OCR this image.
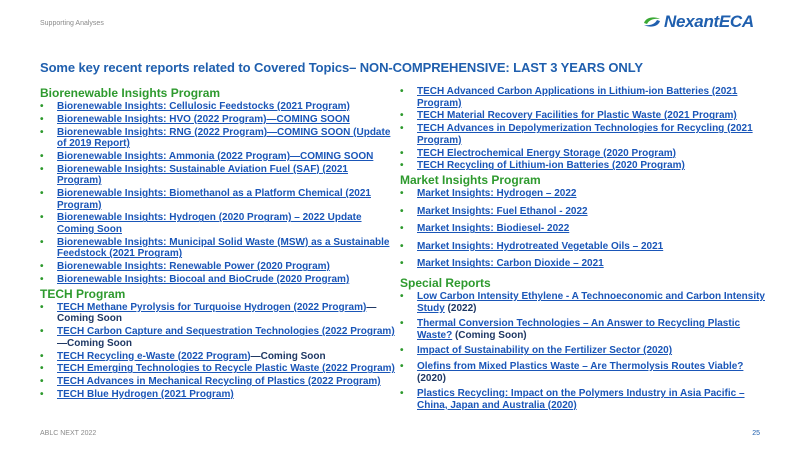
Supporting Analyses	NexantECA
Some key recent reports related to Covered Topics– NON-COMPREHENSIVE: LAST 3 YEARS ONLY
Biorenewable Insights Program
• Biorenewable Insights: Cellulosic Feedstocks (2021 Program)
• Biorenewable Insights: HVO (2022 Program)—COMING SOON
• Biorenewable Insights: RNG (2022 Program)—COMING SOON (Update of 2019 Report)
• Biorenewable Insights: Ammonia (2022 Program)—COMING SOON
• Biorenewable Insights: Sustainable Aviation Fuel (SAF) (2021 Program)
• Biorenewable Insights: Biomethanol as a Platform Chemical (2021 Program)
• Biorenewable Insights: Hydrogen (2020 Program) – 2022 Update Coming Soon
• Biorenewable Insights: Municipal Solid Waste (MSW) as a Sustainable Feedstock (2021 Program)
• Biorenewable Insights: Renewable Power (2020 Program)
• Biorenewable Insights: Biocoal and BioCrude (2020 Program)
TECH Program
• TECH Methane Pyrolysis for Turquoise Hydrogen (2022 Program)—Coming Soon
• TECH Carbon Capture and Sequestration Technologies (2022 Program)—Coming Soon
• TECH Recycling e-Waste (2022 Program)—Coming Soon
• TECH Emerging Technologies to Recycle Plastic Waste (2022 Program)
• TECH Advances in Mechanical Recycling of Plastics (2022 Program)
• TECH Blue Hydrogen (2021 Program)
• TECH Advanced Carbon Applications in Lithium-ion Batteries (2021 Program)
• TECH Material Recovery Facilities for Plastic Waste (2021 Program)
• TECH Advances in Depolymerization Technologies for Recycling (2021 Program)
• TECH Electrochemical Energy Storage (2020 Program)
• TECH Recycling of Lithium-ion Batteries (2020 Program)
Market Insights Program
• Market Insights: Hydrogen – 2022
• Market Insights: Fuel Ethanol - 2022
• Market Insights: Biodiesel- 2022
• Market Insights: Hydrotreated Vegetable Oils – 2021
• Market Insights: Carbon Dioxide – 2021
Special Reports
• Low Carbon Intensity Ethylene - A Technoeconomic and Carbon Intensity Study (2022)
• Thermal Conversion Technologies – An Answer to Recycling Plastic Waste? (Coming Soon)
• Impact of Sustainability on the Fertilizer Sector (2020)
• Olefins from Mixed Plastics Waste – Are Thermolysis Routes Viable? (2020)
• Plastics Recycling: Impact on the Polymers Industry in Asia Pacific – China, Japan and Australia (2020)
ABLC NEXT 2022	25
